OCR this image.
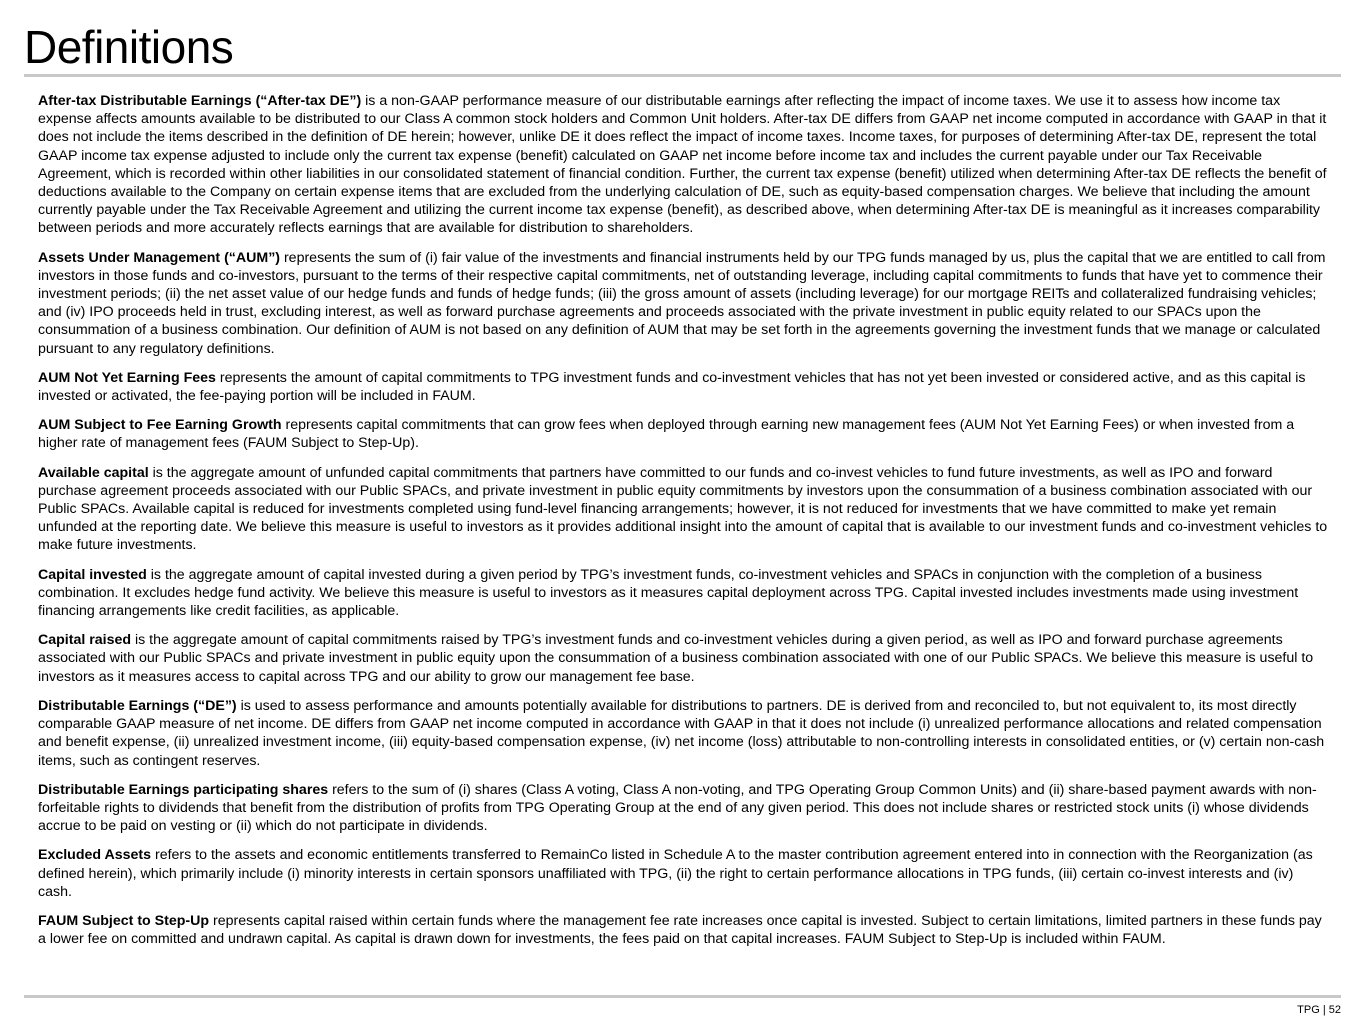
Definitions

After-tax Distributable Earnings (“After-tax DE”) is a non-GAAP performance measure of our distributable earnings after reflecting the impact of income taxes. We use it to assess how income tax expense affects amounts available to be distributed to our Class A common stock holders and Common Unit holders. After-tax DE differs from GAAP net income computed in accordance with GAAP in that it does not include the items described in the definition of DE herein; however, unlike DE it does reflect the impact of income taxes. Income taxes, for purposes of determining After-tax DE, represent the total GAAP income tax expense adjusted to include only the current tax expense (benefit) calculated on GAAP net income before income tax and includes the current payable under our Tax Receivable Agreement, which is recorded within other liabilities in our consolidated statement of financial condition. Further, the current tax expense (benefit) utilized when determining After-tax DE reflects the benefit of deductions available to the Company on certain expense items that are excluded from the underlying calculation of DE, such as equity-based compensation charges. We believe that including the amount currently payable under the Tax Receivable Agreement and utilizing the current income tax expense (benefit), as described above, when determining After-tax DE is meaningful as it increases comparability between periods and more accurately reflects earnings that are available for distribution to shareholders.

Assets Under Management (“AUM”) represents the sum of (i) fair value of the investments and financial instruments held by our TPG funds managed by us, plus the capital that we are entitled to call from investors in those funds and co-investors, pursuant to the terms of their respective capital commitments, net of outstanding leverage, including capital commitments to funds that have yet to commence their investment periods; (ii) the net asset value of our hedge funds and funds of hedge funds; (iii) the gross amount of assets (including leverage) for our mortgage REITs and collateralized fundraising vehicles; and (iv) IPO proceeds held in trust, excluding interest, as well as forward purchase agreements and proceeds associated with the private investment in public equity related to our SPACs upon the consummation of a business combination. Our definition of AUM is not based on any definition of AUM that may be set forth in the agreements governing the investment funds that we manage or calculated pursuant to any regulatory definitions.

AUM Not Yet Earning Fees represents the amount of capital commitments to TPG investment funds and co-investment vehicles that has not yet been invested or considered active, and as this capital is invested or activated, the fee-paying portion will be included in FAUM.

AUM Subject to Fee Earning Growth represents capital commitments that can grow fees when deployed through earning new management fees (AUM Not Yet Earning Fees) or when invested from a higher rate of management fees (FAUM Subject to Step-Up).

Available capital is the aggregate amount of unfunded capital commitments that partners have committed to our funds and co-invest vehicles to fund future investments, as well as IPO and forward purchase agreement proceeds associated with our Public SPACs, and private investment in public equity commitments by investors upon the consummation of a business combination associated with our Public SPACs. Available capital is reduced for investments completed using fund-level financing arrangements; however, it is not reduced for investments that we have committed to make yet remain unfunded at the reporting date. We believe this measure is useful to investors as it provides additional insight into the amount of capital that is available to our investment funds and co-investment vehicles to make future investments.

Capital invested is the aggregate amount of capital invested during a given period by TPG’s investment funds, co-investment vehicles and SPACs in conjunction with the completion of a business combination. It excludes hedge fund activity. We believe this measure is useful to investors as it measures capital deployment across TPG. Capital invested includes investments made using investment financing arrangements like credit facilities, as applicable.

Capital raised is the aggregate amount of capital commitments raised by TPG’s investment funds and co-investment vehicles during a given period, as well as IPO and forward purchase agreements associated with our Public SPACs and private investment in public equity upon the consummation of a business combination associated with one of our Public SPACs. We believe this measure is useful to investors as it measures access to capital across TPG and our ability to grow our management fee base.

Distributable Earnings (“DE”) is used to assess performance and amounts potentially available for distributions to partners. DE is derived from and reconciled to, but not equivalent to, its most directly comparable GAAP measure of net income. DE differs from GAAP net income computed in accordance with GAAP in that it does not include (i) unrealized performance allocations and related compensation and benefit expense, (ii) unrealized investment income, (iii) equity-based compensation expense, (iv) net income (loss) attributable to non-controlling interests in consolidated entities, or (v) certain non-cash items, such as contingent reserves.

Distributable Earnings participating shares refers to the sum of (i) shares (Class A voting, Class A non-voting, and TPG Operating Group Common Units) and (ii) share-based payment awards with non-forfeitable rights to dividends that benefit from the distribution of profits from TPG Operating Group at the end of any given period. This does not include shares or restricted stock units (i) whose dividends accrue to be paid on vesting or (ii) which do not participate in dividends.

Excluded Assets refers to the assets and economic entitlements transferred to RemainCo listed in Schedule A to the master contribution agreement entered into in connection with the Reorganization (as defined herein), which primarily include (i) minority interests in certain sponsors unaffiliated with TPG, (ii) the right to certain performance allocations in TPG funds, (iii) certain co-invest interests and (iv) cash.

FAUM Subject to Step-Up represents capital raised within certain funds where the management fee rate increases once capital is invested. Subject to certain limitations, limited partners in these funds pay a lower fee on committed and undrawn capital. As capital is drawn down for investments, the fees paid on that capital increases. FAUM Subject to Step-Up is included within FAUM.

TPG | 52
